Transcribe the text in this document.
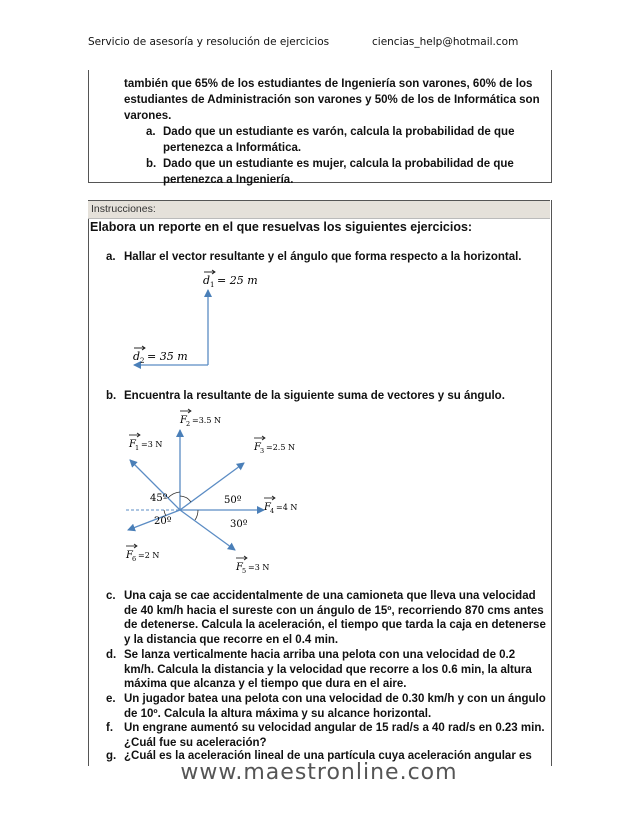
Servicio de asesoría y resolución de ejercicios	ciencias_help@hotmail.com
también que 65% de los estudiantes de Ingeniería son varones, 60% de los
estudiantes de Administración son varones y 50% de los de Informática son
varones.
a. Dado que un estudiante es varón, calcula la probabilidad de que
pertenezca a Informática.
b. Dado que un estudiante es mujer, calcula la probabilidad de que
pertenezca a Ingeniería.
Instrucciones:
Elabora un reporte en el que resuelvas los siguientes ejercicios:
a. Hallar el vector resultante y el ángulo que forma respecto a la horizontal.
d 1 = 25 m
d 2 = 35 m
b. Encuentra la resultante de la siguiente suma de vectores y su ángulo.
45º	50º
20º	30º
F 1 =3 N
F 2 =3.5 N
F 3 =2.5 N
F 4 =4 N
F 5 =3 N
F 6 =2 N
c. Una caja se cae accidentalmente de una camioneta que lleva una velocidad
de 40 km/h hacia el sureste con un ángulo de 15º, recorriendo 870 cms antes
de detenerse. Calcula la aceleración, el tiempo que tarda la caja en detenerse
y la distancia que recorre en el 0.4 min.
d. Se lanza verticalmente hacia arriba una pelota con una velocidad de 0.2
km/h. Calcula la distancia y la velocidad que recorre a los 0.6 min, la altura
máxima que alcanza y el tiempo que dura en el aire.
e. Un jugador batea una pelota con una velocidad de 0.30 km/h y con un ángulo
de 10º. Calcula la altura máxima y su alcance horizontal.
f. Un engrane aumentó su velocidad angular de 15 rad/s a 40 rad/s en 0.23 min.
¿Cuál fue su aceleración?
g. ¿Cuál es la aceleración lineal de una partícula cuya aceleración angular es
www.maestronline.com
